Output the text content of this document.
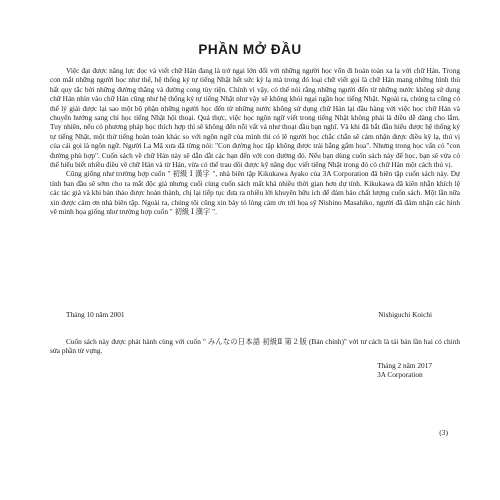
PHẦN MỞ ĐẦU

Việc đạt được năng lực đọc và viết chữ Hán đang là trở ngại lớn đối với những người học vốn đi hoàn toàn xa lạ với chữ Hán. Trong con mắt những người học như thế, hệ thống ký tự tiếng Nhật hết sức kỳ lạ mà trong đó loại chữ viết gọi là chữ Hán mang những hình thù bất quy tắc bởi những đường thẳng và đường cong tùy tiện. Chính vì vậy, có thể nói rằng những người đến từ những nước không sử dụng chữ Hán nhìn vào chữ Hán cũng như hệ thống ký tự tiếng Nhật như vậy sẽ không khỏi ngại ngần học tiếng Nhật. Ngoài ra, chúng ta cũng có thể lý giải được lại sao một bộ phận những người học đến từ những nước không sử dụng chữ Hán lại đầu hàng với việc học chữ Hán và chuyển hướng sang chỉ học tiếng Nhật hội thoại. Quả thực, việc học ngôn ngữ viết trong tiếng Nhật không phải là điều dễ dàng cho lắm. Tuy nhiên, nếu có phương pháp học thích hợp thì sẽ không đến nỗi vất vả như thoạt đầu bạn nghĩ. Và khi đã bắt đầu hiểu được hệ thống ký tự tiếng Nhật, một thứ tiếng hoàn toàn khác so với ngôn ngữ của mình thì có lẽ người học chắc chắn sẽ cảm nhận được điều kỳ lạ, thú vị của cái gọi là ngôn ngữ. Người La Mã xưa đã từng nói: "Con đường học tập không được trải bằng gấm hoa". Nhưng trong học vấn có "con đường phù hợp". Cuốn sách về chữ Hán này sẽ dẫn dắt các bạn đến với con đường đó. Nếu bạn dùng cuốn sách này để học, bạn sẽ vừa có thể hiểu biết nhiều điều về chữ Hán và từ Hán, vừa có thể trau dồi được kỹ năng đọc viết tiếng Nhật trong đó có chữ Hán một cách thú vị.

Cũng giống như trường hợp cuốn " 初級 Ⅰ 漢字 ", nhà biên tập Kikukawa Ayako của 3A Corporation đã biên tập cuốn sách này. Dự tính ban đầu sẽ sớm cho ra mắt độc giả nhưng cuối cùng cuốn sách mất khá nhiều thời gian hơn dự tính. Kikukawa đã kiên nhẫn khích lệ các tác giả và khi bản thảo được hoàn thành, chị lại tiếp tục đưa ra nhiều lời khuyên hữu ích để đảm bảo chất lượng cuốn sách. Một lần nữa xin được cảm ơn nhà biên tập. Ngoài ra, chúng tôi cũng xin bày tỏ lòng cảm ơn tới họa sỹ Nishino Masahiko, người đã đảm nhận các hình vẽ minh họa giống như trường hợp cuốn " 初級 Ⅰ 漢字 ".

Tháng 10 năm 2001	Nishiguchi Koichi

Cuốn sách này được phát hành cùng với cuốn " みんなの日本語 初級Ⅱ 第２版 (Bản chỉnh)" với tư cách là tái bản lần hai có chỉnh sửa phần từ vựng.

Tháng 2 năm 2017
3A Corporation
(3)
